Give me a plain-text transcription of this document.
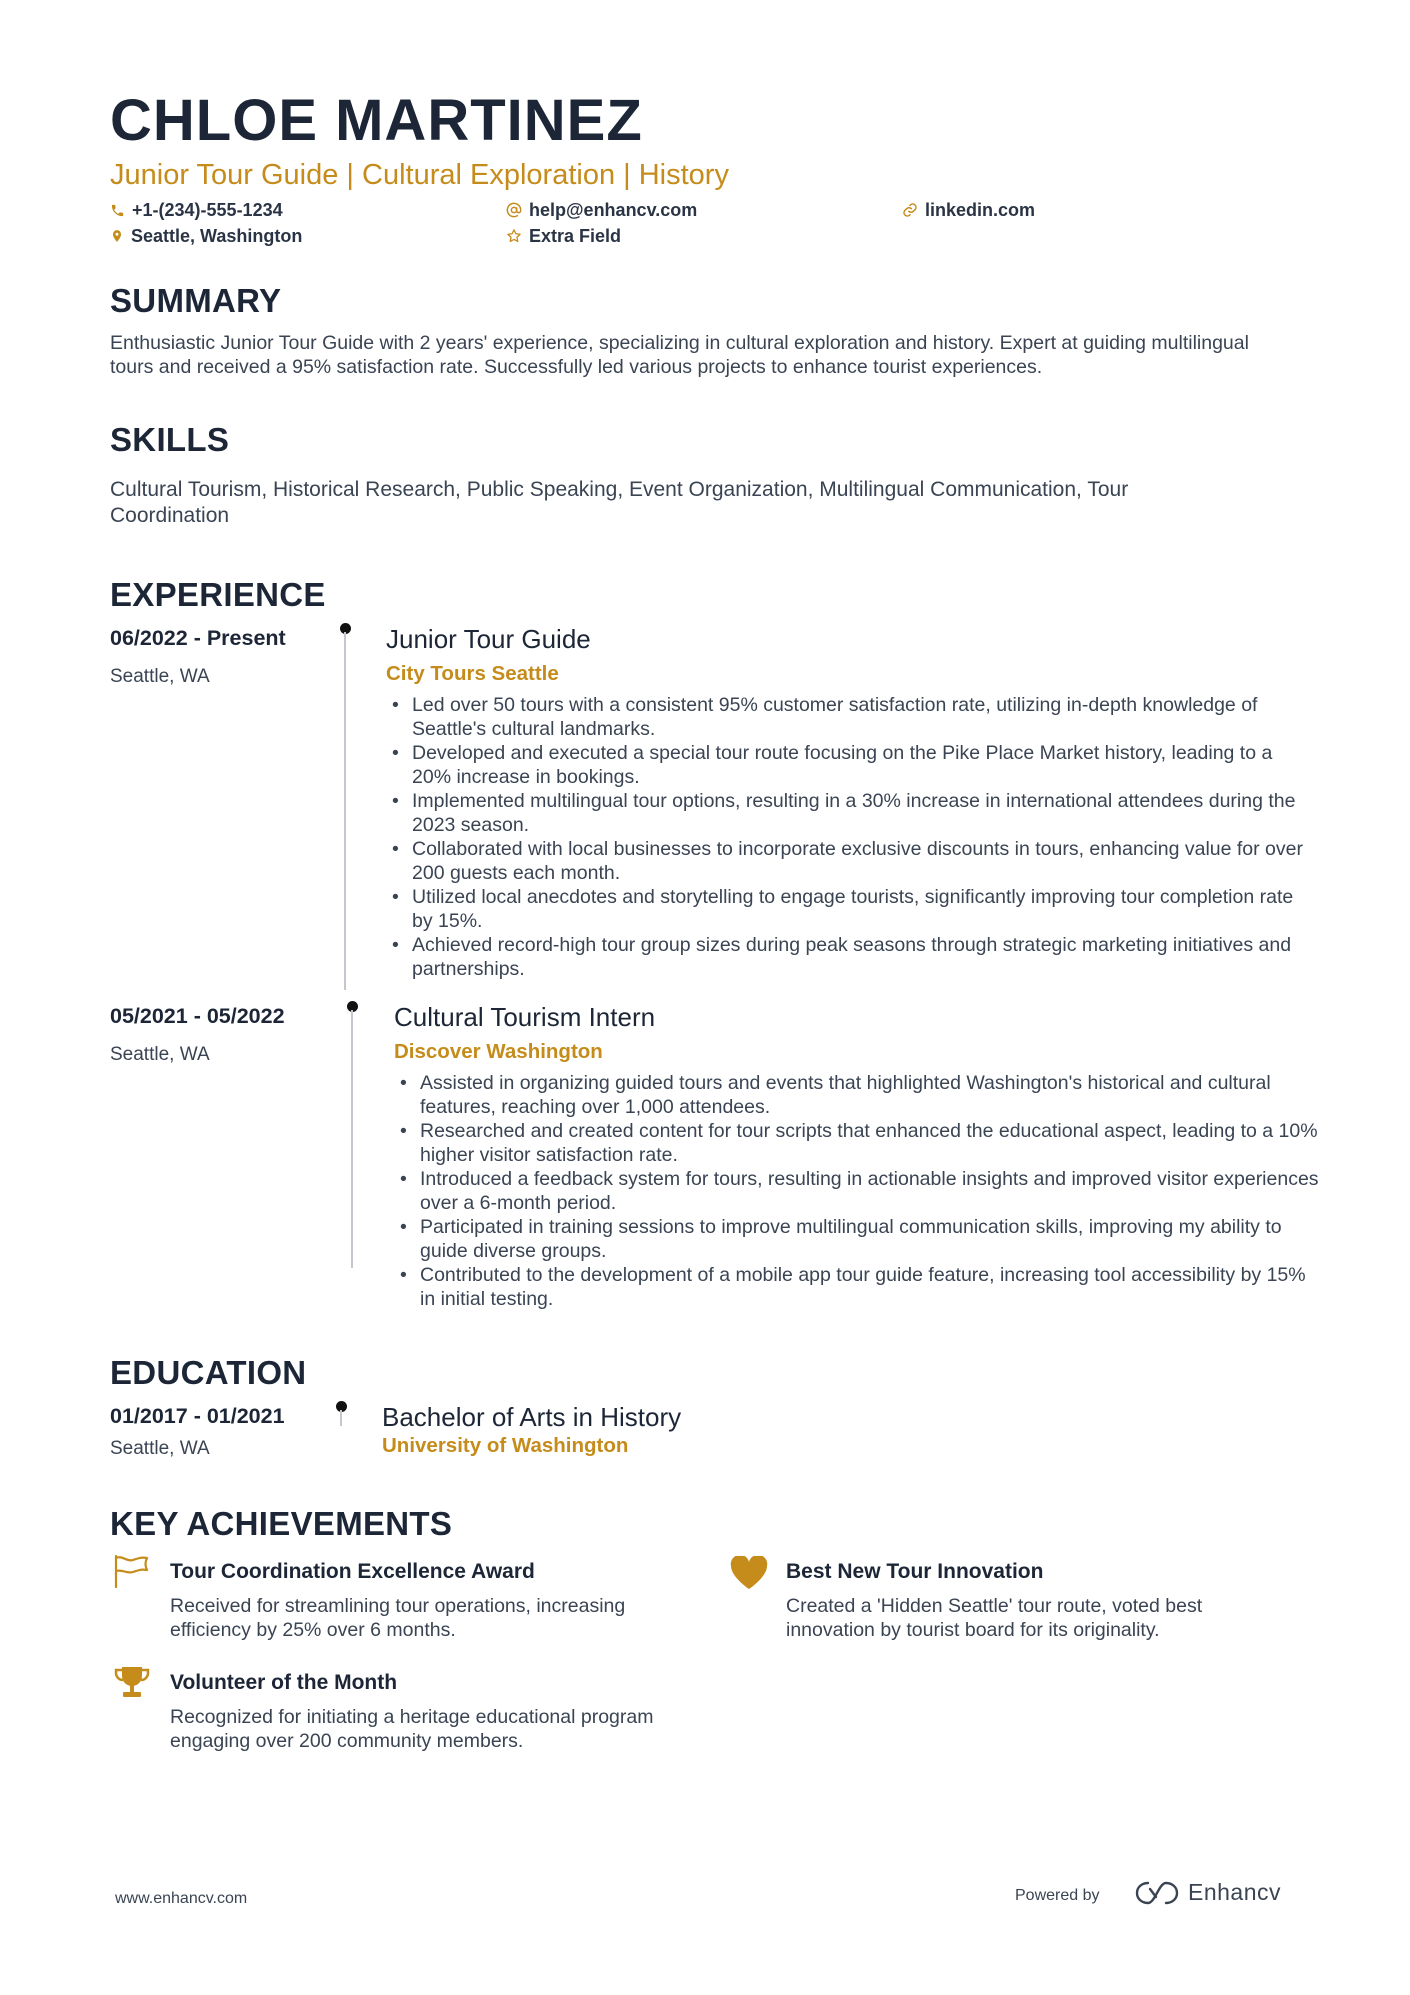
CHLOE MARTINEZ
Junior Tour Guide | Cultural Exploration | History
+1-(234)-555-1234	help@enhancv.com	linkedin.com
Seattle, Washington	Extra Field
SUMMARY
Enthusiastic Junior Tour Guide with 2 years' experience, specializing in cultural exploration and history. Expert at guiding multilingual tours and received a 95% satisfaction rate. Successfully led various projects to enhance tourist experiences.
SKILLS
Cultural Tourism, Historical Research, Public Speaking, Event Organization, Multilingual Communication, Tour Coordination
EXPERIENCE
06/2022 - Present
Seattle, WA
Junior Tour Guide
City Tours Seattle
• Led over 50 tours with a consistent 95% customer satisfaction rate, utilizing in-depth knowledge of Seattle's cultural landmarks.
• Developed and executed a special tour route focusing on the Pike Place Market history, leading to a 20% increase in bookings.
• Implemented multilingual tour options, resulting in a 30% increase in international attendees during the 2023 season.
• Collaborated with local businesses to incorporate exclusive discounts in tours, enhancing value for over 200 guests each month.
• Utilized local anecdotes and storytelling to engage tourists, significantly improving tour completion rate by 15%.
• Achieved record-high tour group sizes during peak seasons through strategic marketing initiatives and partnerships.
05/2021 - 05/2022
Seattle, WA
Cultural Tourism Intern
Discover Washington
• Assisted in organizing guided tours and events that highlighted Washington's historical and cultural features, reaching over 1,000 attendees.
• Researched and created content for tour scripts that enhanced the educational aspect, leading to a 10% higher visitor satisfaction rate.
• Introduced a feedback system for tours, resulting in actionable insights and improved visitor experiences over a 6-month period.
• Participated in training sessions to improve multilingual communication skills, improving my ability to guide diverse groups.
• Contributed to the development of a mobile app tour guide feature, increasing tool accessibility by 15% in initial testing.
EDUCATION
01/2017 - 01/2021
Seattle, WA
Bachelor of Arts in History
University of Washington
KEY ACHIEVEMENTS
Tour Coordination Excellence Award
Received for streamlining tour operations, increasing efficiency by 25% over 6 months.
Best New Tour Innovation
Created a 'Hidden Seattle' tour route, voted best innovation by tourist board for its originality.
Volunteer of the Month
Recognized for initiating a heritage educational program engaging over 200 community members.
www.enhancv.com	Powered by	Enhancv
